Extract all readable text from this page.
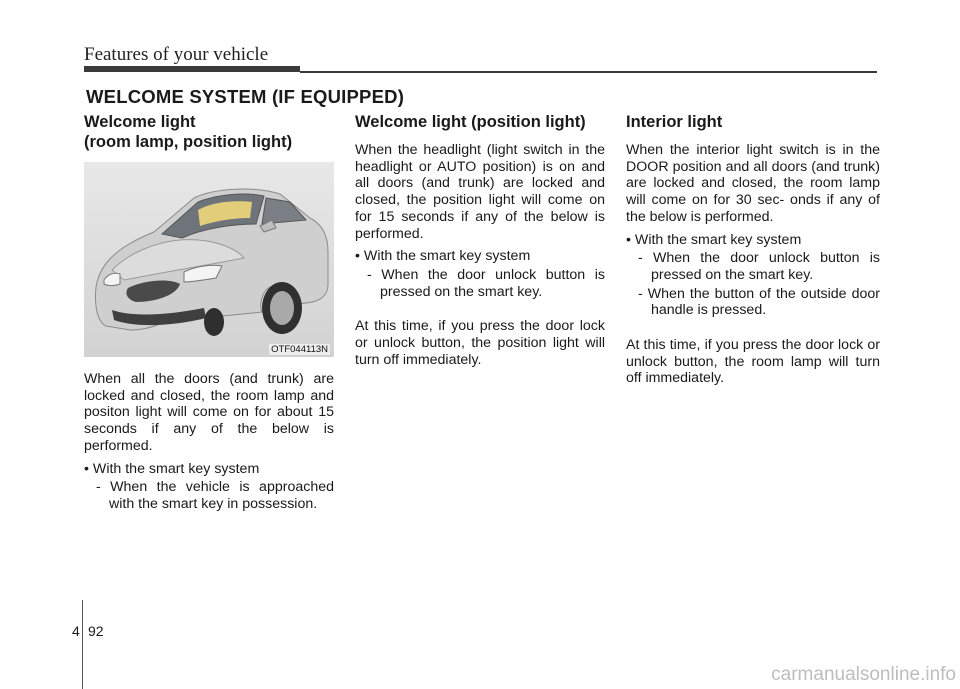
Features of your vehicle
WELCOME SYSTEM (IF EQUIPPED)
Welcome light
(room lamp, position light)
OTF044113N

When all the doors (and trunk) are locked and closed, the room lamp and positon light will come on for about 15 seconds if any of the below is performed.

• With the smart key system
- When the vehicle is approached with the smart key in possession.
Welcome light (position light)

When the headlight (light switch in the headlight or AUTO position) is on and all doors (and trunk) are locked and closed, the position light will come on for 15 seconds if any of the below is performed.

• With the smart key system
- When the door unlock button is pressed on the smart key.

At this time, if you press the door lock or unlock button, the position light will turn off immediately.

Interior light

When the interior light switch is in the DOOR position and all doors (and trunk) are locked and closed, the room lamp will come on for 30 sec- onds if any of the below is performed.

• With the smart key system
- When the door unlock button is pressed on the smart key.
- When the button of the outside door handle is pressed.

At this time, if you press the door lock or unlock button, the room lamp will turn off immediately.

4 92
carmanualsonline.info
